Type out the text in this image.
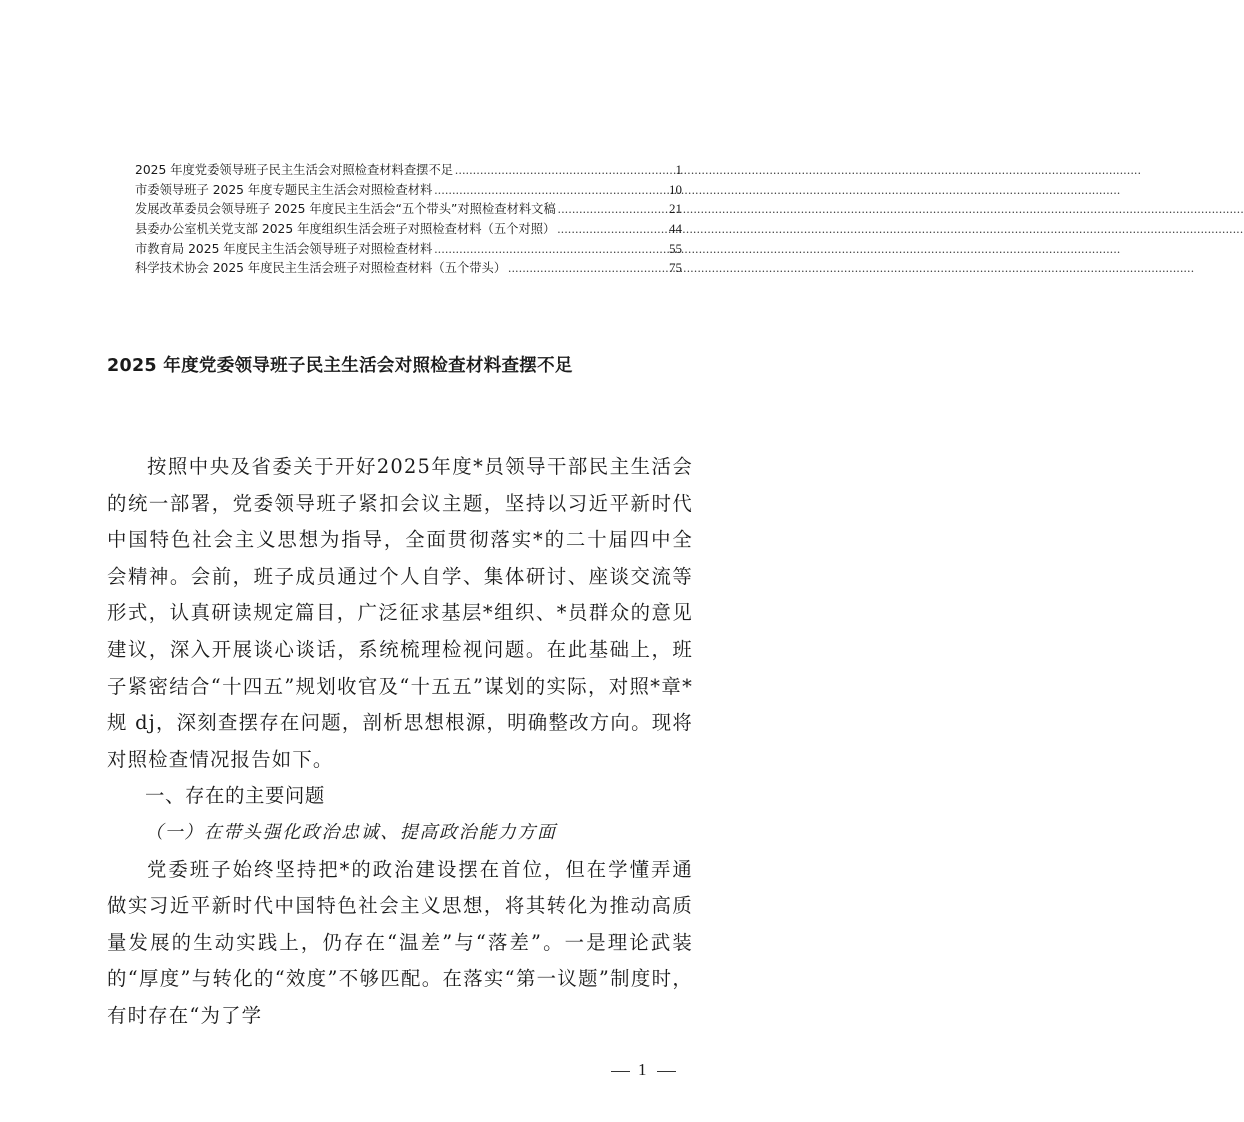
2025 年度党委领导班子民主生活会对照检查材料查摆不足 .....	1
市委领导班子 2025 年度专题民主生活会对照检查材料 .....	10
发展改革委员会领导班子 2025 年度民主生活会“五个带头”对照检查材料文稿 .....	21
县委办公室机关党支部 2025 年度组织生活会班子对照检查材料（五个对照） .....	44
市教育局 2025 年度民主生活会领导班子对照检查材料 .....	55
科学技术协会 2025 年度民主生活会班子对照检查材料（五个带头） .....	75
2025 年度党委领导班子民主生活会对照检查材料查摆不足

按照中央及省委关于开好2025年度*员领导干部民主生活会的统一部署，党委领导班子紧扣会议主题，坚持以习近平新时代中国特色社会主义思想为指导，全面贯彻落实*的二十届四中全会精神。会前，班子成员通过个人自学、集体研讨、座谈交流等形式，认真研读规定篇目，广泛征求基层*组织、*员群众的意见建议，深入开展谈心谈话，系统梳理检视问题。在此基础上，班子紧密结合“十四五”规划收官及“十五五”谋划的实际，对照*章*规 dj，深刻查摆存在问题，剖析思想根源，明确整改方向。现将对照检查情况报告如下。

一、存在的主要问题
（一）在带头强化政治忠诚、提高政治能力方面

党委班子始终坚持把*的政治建设摆在首位，但在学懂弄通做实习近平新时代中国特色社会主义思想，将其转化为推动高质量发展的生动实践上，仍存在“温差”与“落差”。一是理论武装的“厚度”与转化的“效度”不够匹配。在落实“第一议题”制度时，有时存在“为了学

1
